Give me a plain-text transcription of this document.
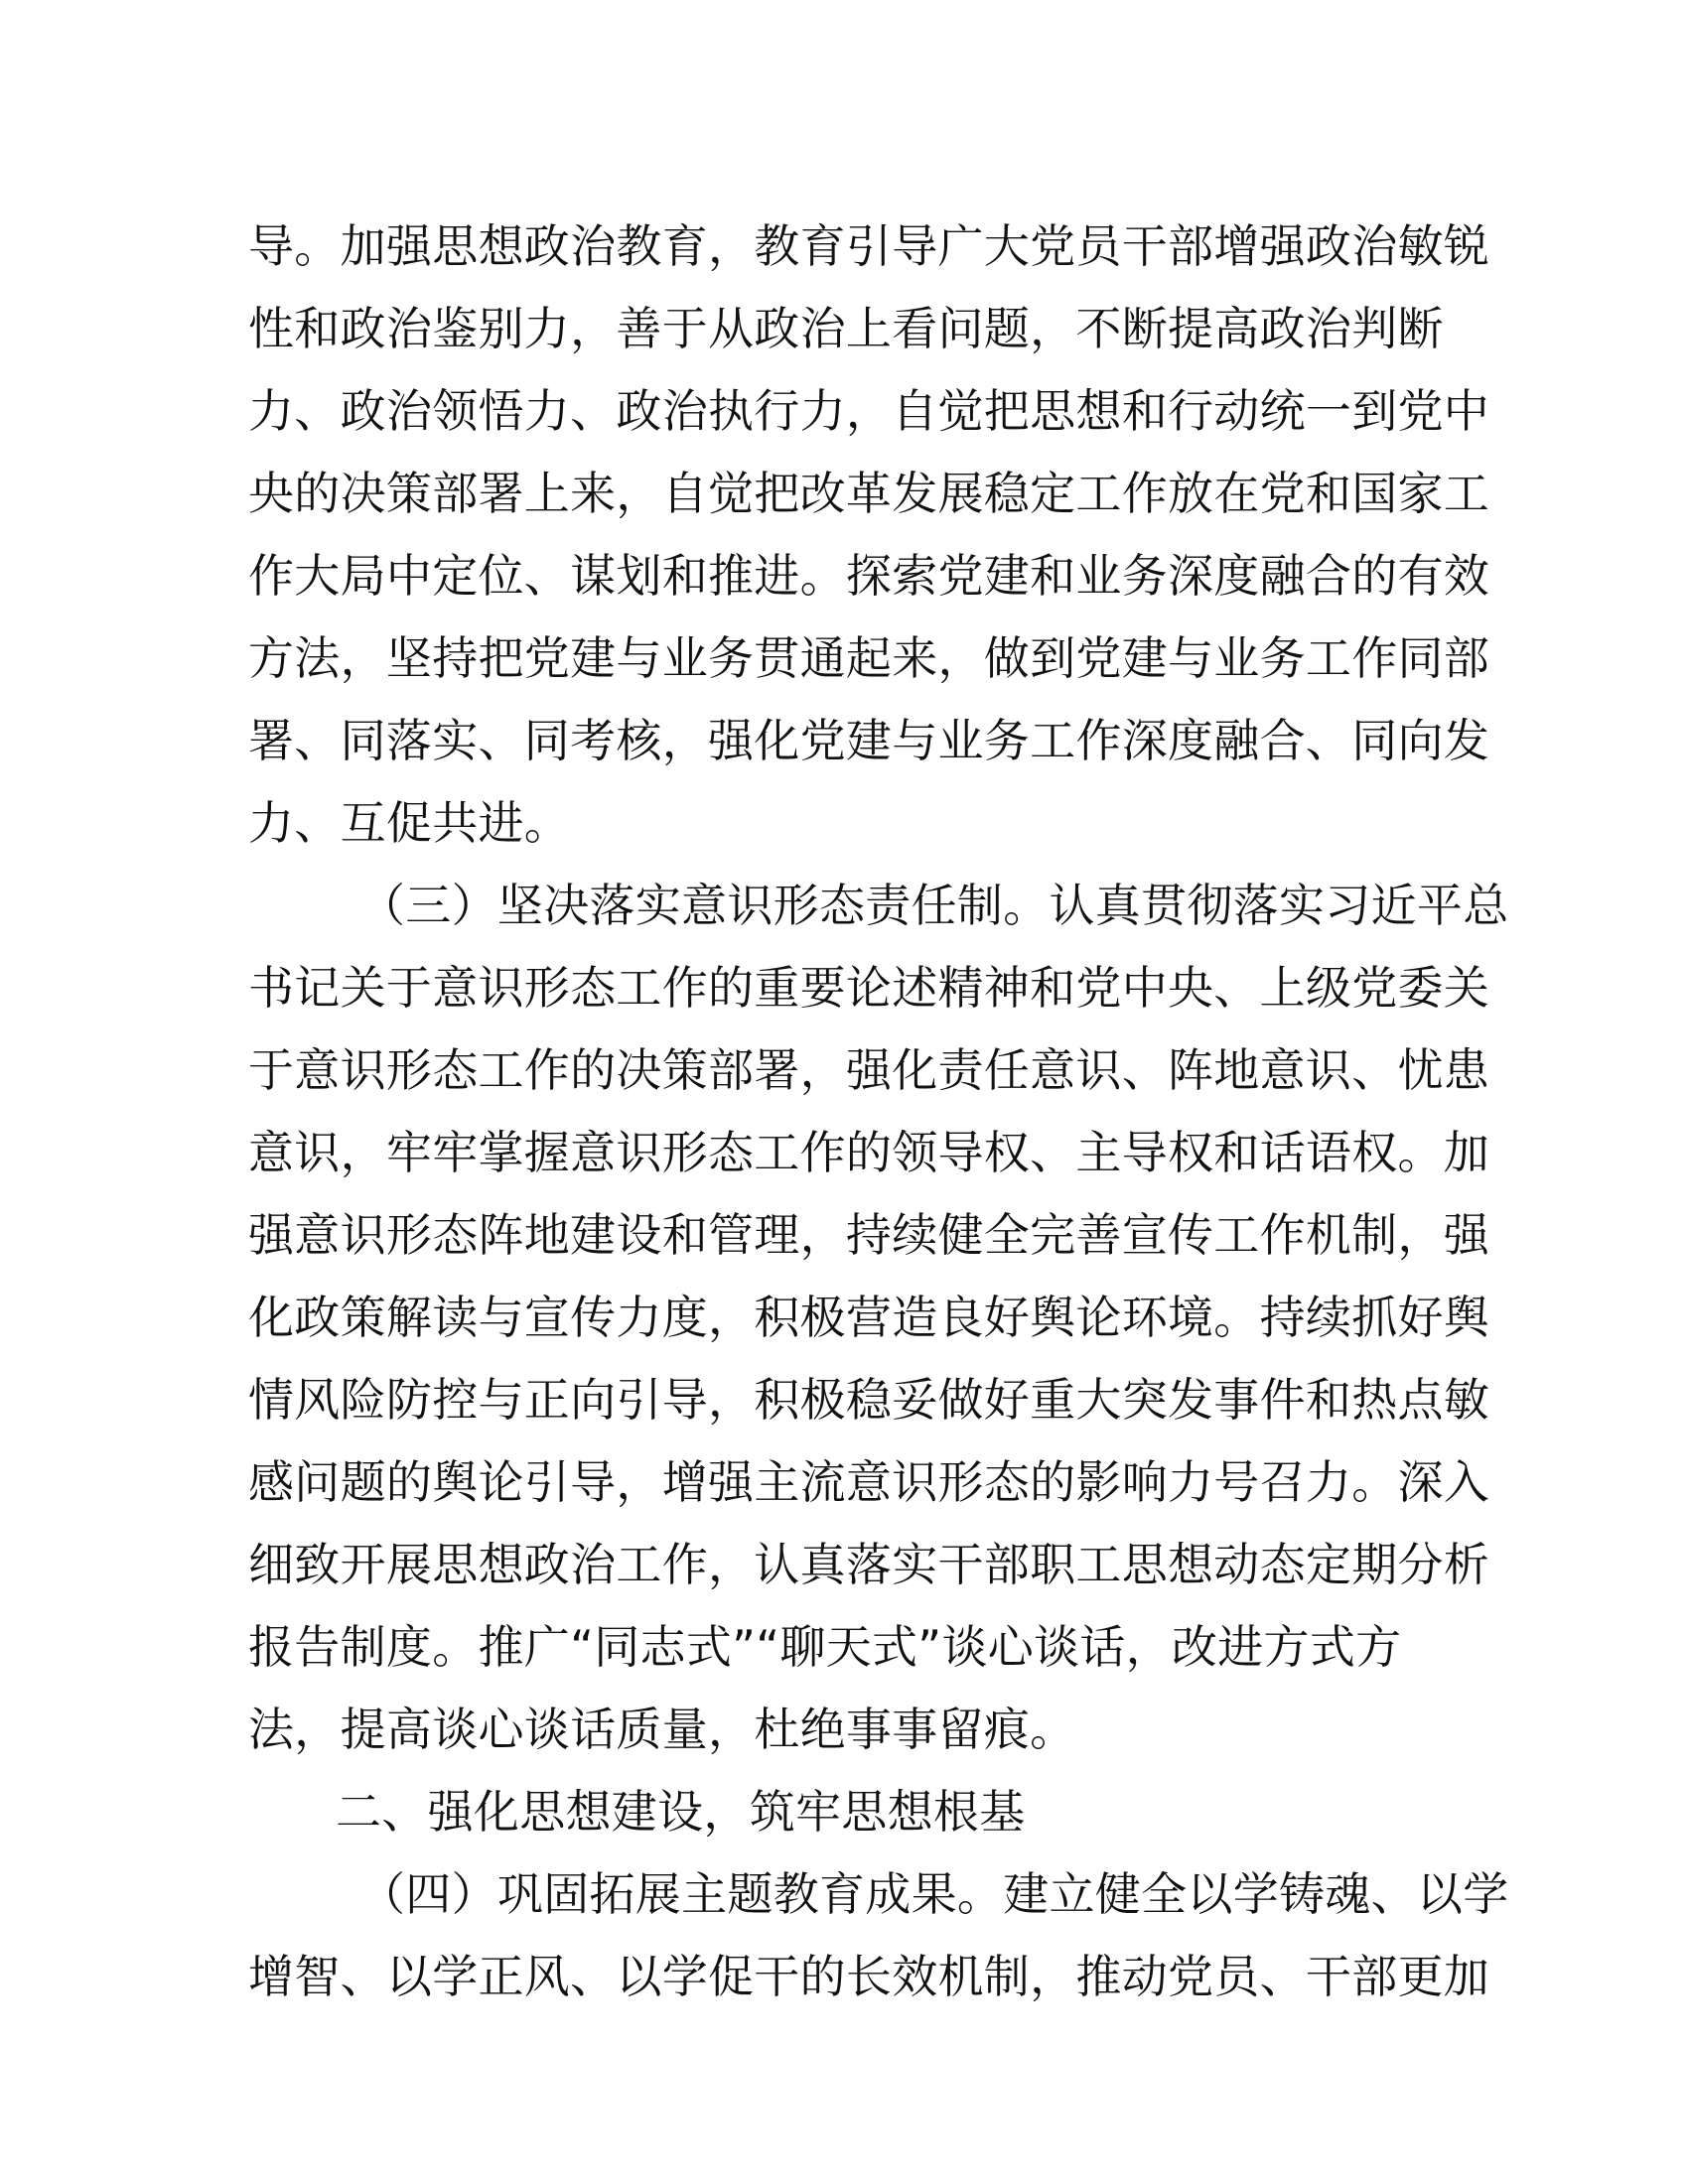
导。加强思想政治教育，教育引导广大党员干部增强政治敏锐
性和政治鉴别力，善于从政治上看问题，不断提高政治判断
力、政治领悟力、政治执行力，自觉把思想和行动统一到党中
央的决策部署上来，自觉把改革发展稳定工作放在党和国家工
作大局中定位、谋划和推进。探索党建和业务深度融合的有效
方法，坚持把党建与业务贯通起来，做到党建与业务工作同部
署、同落实、同考核，强化党建与业务工作深度融合、同向发
力、互促共进。
（三）坚决落实意识形态责任制。认真贯彻落实习近平总
书记关于意识形态工作的重要论述精神和党中央、上级党委关
于意识形态工作的决策部署，强化责任意识、阵地意识、忧患
意识，牢牢掌握意识形态工作的领导权、主导权和话语权。加
强意识形态阵地建设和管理，持续健全完善宣传工作机制，强
化政策解读与宣传力度，积极营造良好舆论环境。持续抓好舆
情风险防控与正向引导，积极稳妥做好重大突发事件和热点敏
感问题的舆论引导，增强主流意识形态的影响力号召力。深入
细致开展思想政治工作，认真落实干部职工思想动态定期分析
报告制度。推广“同志式”“聊天式”谈心谈话，改进方式方
法，提高谈心谈话质量，杜绝事事留痕。
二、强化思想建设，筑牢思想根基
（四）巩固拓展主题教育成果。建立健全以学铸魂、以学
增智、以学正风、以学促干的长效机制，推动党员、干部更加
